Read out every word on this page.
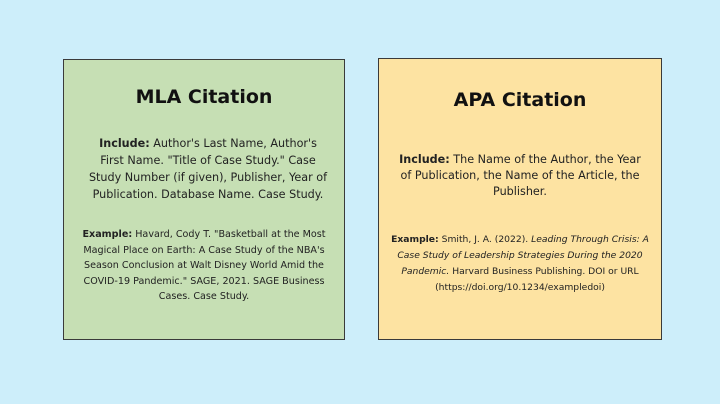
MLA Citation
Include: Author's Last Name, Author's First Name. "Title of Case Study." Case Study Number (if given), Publisher, Year of Publication. Database Name. Case Study.
Example: Havard, Cody T. "Basketball at the Most Magical Place on Earth: A Case Study of the NBA's Season Conclusion at Walt Disney World Amid the COVID-19 Pandemic." SAGE, 2021. SAGE Business Cases. Case Study.
APA Citation
Include: The Name of the Author, the Year of Publication, the Name of the Article, the Publisher.
Example: Smith, J. A. (2022). Leading Through Crisis: A Case Study of Leadership Strategies During the 2020 Pandemic. Harvard Business Publishing. DOI or URL (https://doi.org/10.1234/exampledoi)
